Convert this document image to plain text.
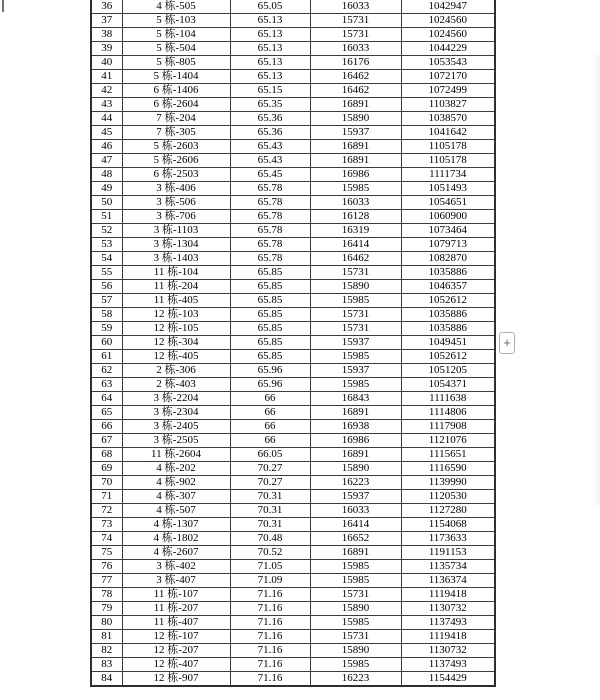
36	4 栋-505	65.05	16033	1042947
37	5 栋-103	65.13	15731	1024560
38	5 栋-104	65.13	15731	1024560
39	5 栋-504	65.13	16033	1044229
40	5 栋-805	65.13	16176	1053543
41	5 栋-1404	65.13	16462	1072170
42	6 栋-1406	65.15	16462	1072499
43	6 栋-2604	65.35	16891	1103827
44	7 栋-204	65.36	15890	1038570
45	7 栋-305	65.36	15937	1041642
46	5 栋-2603	65.43	16891	1105178
47	5 栋-2606	65.43	16891	1105178
48	6 栋-2503	65.45	16986	1111734
49	3 栋-406	65.78	15985	1051493
50	3 栋-506	65.78	16033	1054651
51	3 栋-706	65.78	16128	1060900
52	3 栋-1103	65.78	16319	1073464
53	3 栋-1304	65.78	16414	1079713
54	3 栋-1403	65.78	16462	1082870
55	11 栋-104	65.85	15731	1035886
56	11 栋-204	65.85	15890	1046357
57	11 栋-405	65.85	15985	1052612
58	12 栋-103	65.85	15731	1035886
59	12 栋-105	65.85	15731	1035886
60	12 栋-304	65.85	15937	1049451
61	12 栋-405	65.85	15985	1052612
62	2 栋-306	65.96	15937	1051205
63	2 栋-403	65.96	15985	1054371
64	3 栋-2204	66	16843	1111638
65	3 栋-2304	66	16891	1114806
66	3 栋-2405	66	16938	1117908
67	3 栋-2505	66	16986	1121076
68	11 栋-2604	66.05	16891	1115651
69	4 栋-202	70.27	15890	1116590
70	4 栋-902	70.27	16223	1139990
71	4 栋-307	70.31	15937	1120530
72	4 栋-507	70.31	16033	1127280
73	4 栋-1307	70.31	16414	1154068
74	4 栋-1802	70.48	16652	1173633
75	4 栋-2607	70.52	16891	1191153
76	3 栋-402	71.05	15985	1135734
77	3 栋-407	71.09	15985	1136374
78	11 栋-107	71.16	15731	1119418
79	11 栋-207	71.16	15890	1130732
80	11 栋-407	71.16	15985	1137493
81	12 栋-107	71.16	15731	1119418
82	12 栋-207	71.16	15890	1130732
83	12 栋-407	71.16	15985	1137493
84	12 栋-907	71.16	16223	1154429
+
